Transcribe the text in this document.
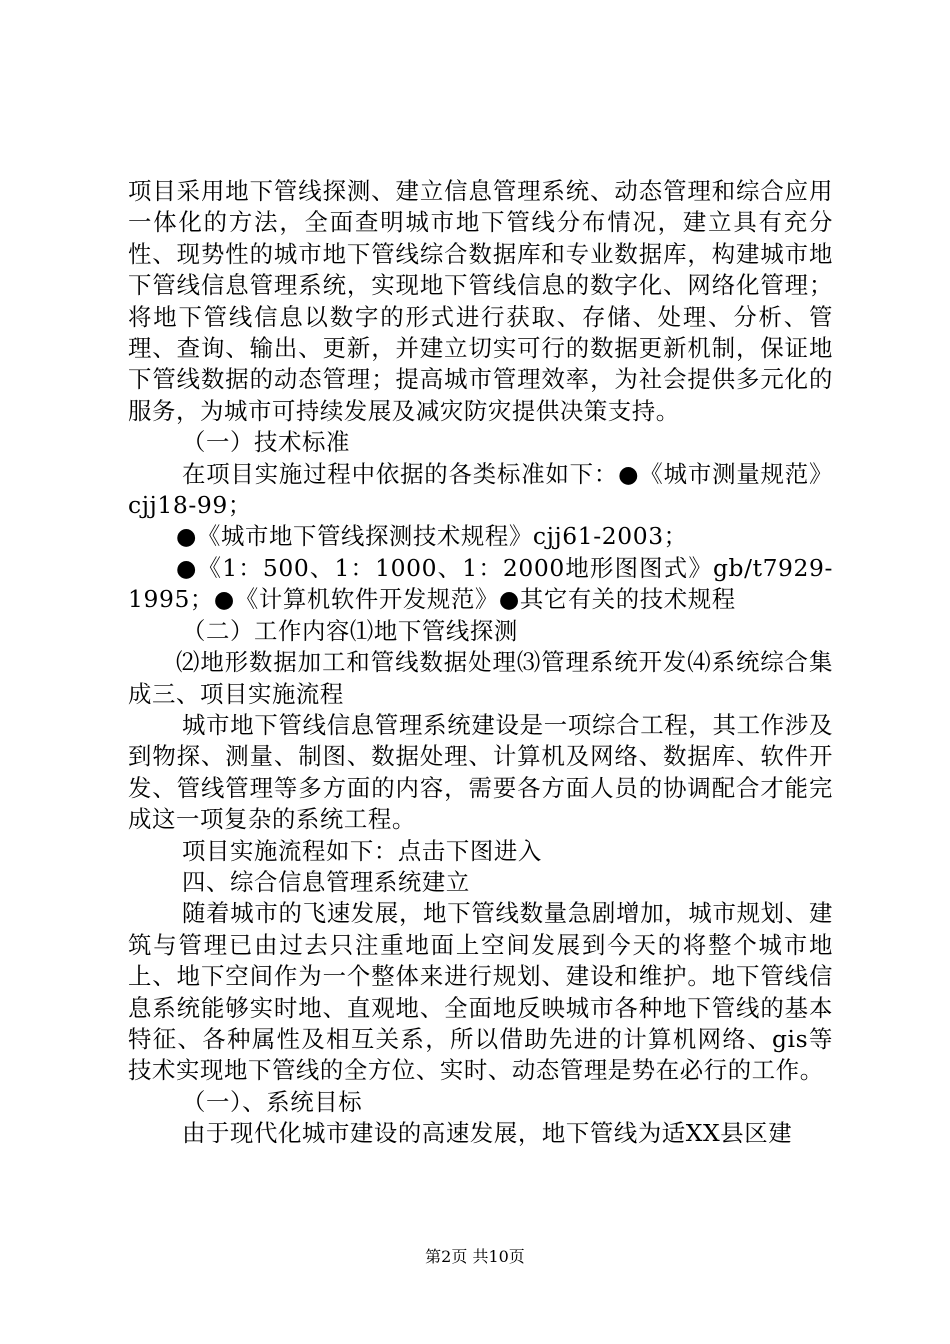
项目采用地下管线探测、建立信息管理系统、动态管理和综合应用一体化的方法，全面查明城市地下管线分布情况，建立具有充分性、现势性的城市地下管线综合数据库和专业数据库，构建城市地下管线信息管理系统，实现地下管线信息的数字化、网络化管理；将地下管线信息以数字的形式进行获取、存储、处理、分析、管理、查询、输出、更新，并建立切实可行的数据更新机制，保证地下管线数据的动态管理；提高城市管理效率，为社会提供多元化的服务，为城市可持续发展及减灾防灾提供决策支持。

（一）技术标准

在项目实施过程中依据的各类标准如下：●《城市测量规范》cjj18-99；

●《城市地下管线探测技术规程》cjj61-2003；

●《1：500、1：1000、1：2000地形图图式》gb/t7929-1995；●《计算机软件开发规范》●其它有关的技术规程

（二）工作内容⑴地下管线探测

⑵地形数据加工和管线数据处理⑶管理系统开发⑷系统综合集成三、项目实施流程

城市地下管线信息管理系统建设是一项综合工程，其工作涉及到物探、测量、制图、数据处理、计算机及网络、数据库、软件开发、管线管理等多方面的内容，需要各方面人员的协调配合才能完成这一项复杂的系统工程。

项目实施流程如下：点击下图进入

四、综合信息管理系统建立

随着城市的飞速发展，地下管线数量急剧增加，城市规划、建筑与管理已由过去只注重地面上空间发展到今天的将整个城市地上、地下空间作为一个整体来进行规划、建设和维护。地下管线信息系统能够实时地、直观地、全面地反映城市各种地下管线的基本特征、各种属性及相互关系，所以借助先进的计算机网络、gis等技术实现地下管线的全方位、实时、动态管理是势在必行的工作。

（一）、系统目标

由于现代化城市建设的高速发展，地下管线为适XX县区建

第2页 共10页
